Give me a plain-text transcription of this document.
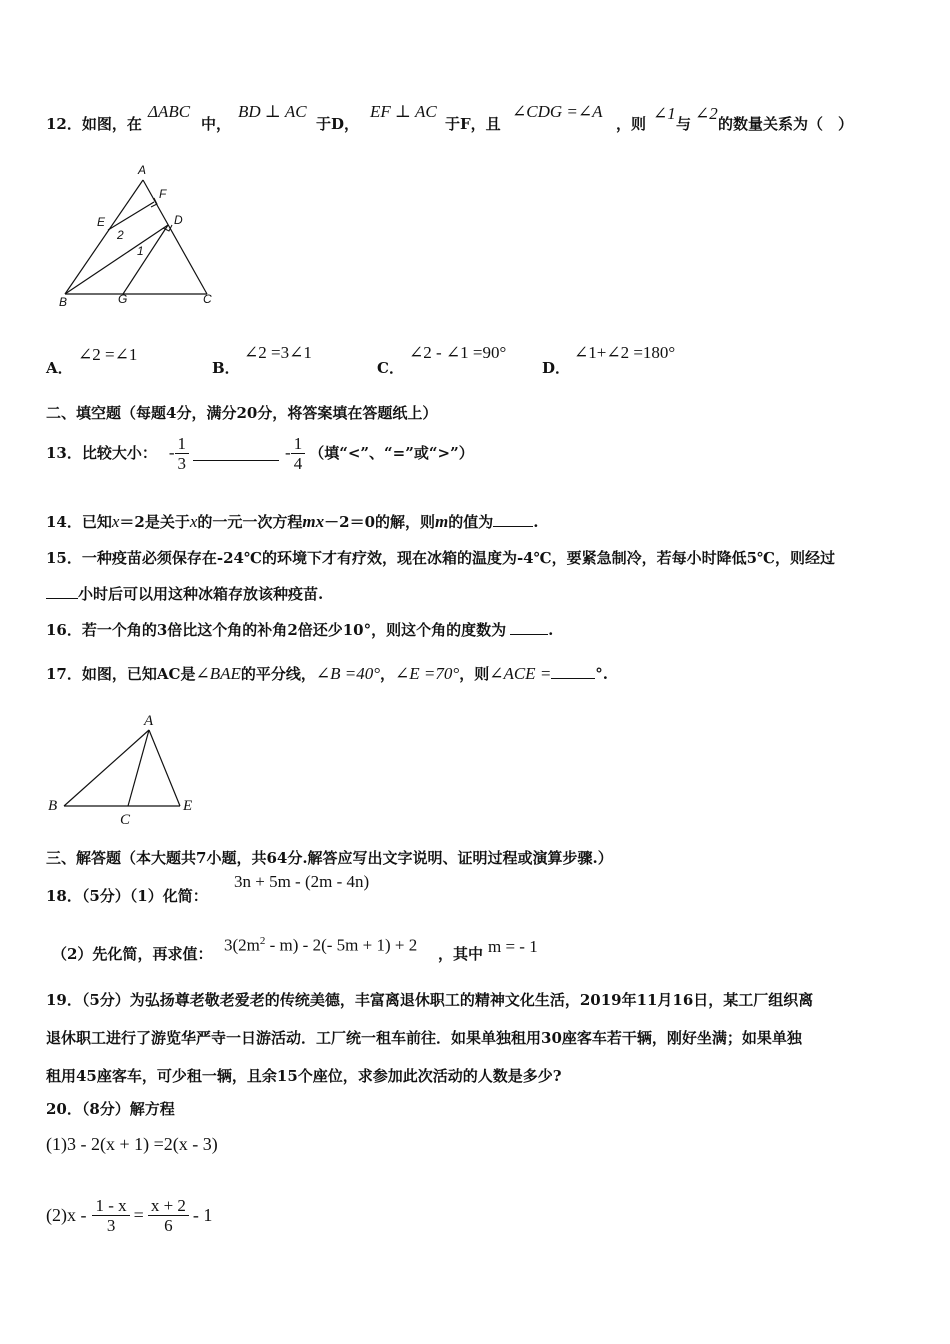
12．如图，在
ΔABC
中，
BD ⊥ AC
于D，
EF ⊥ AC
于F，且
∠CDG =∠A
，则
∠1
与
∠2
的数量关系为（　）
A
F
E	D
2
1
B	G	C
A．
∠2 =∠1
B．
∠2 =3∠1
C．
∠2 - ∠1 =90°
D．
∠1+∠2 =180°
二、填空题（每题4分，满分20分，将答案填在答题纸上）
13．比较大小： - $\frac{1}{3}$	- $\frac{1}{4}$ （填“<”、“=”或“>”）
14．已知x＝2是关于x的一元一次方程mx－2＝0的解，则m的值为	.
15．一种疫苗必须保存在-24℃的环境下才有疗效，现在冰箱的温度为-4℃，要紧急制冷，若每小时降低5℃，则经过
小时后可以用这种冰箱存放该种疫苗.
16．若一个角的3倍比这个角的补角2倍还少10°，则这个角的度数为	.
17．如图，已知AC是∠BAE的平分线，∠B =40°，∠E =70°，则∠ACE =	°.
A
B
C
E
三、解答题（本大题共7小题，共64分.解答应写出文字说明、证明过程或演算步骤.）
18．（5分）（1）化简：
3n + 5m - (2m - 4n)
（2）先化简，再求值： $3(2m^2 - m) - 2(-$ 5m + 1) + 2 ，其中 m = - 1
19．（5分）为弘扬尊老敬老爱老的传统美德，丰富离退休职工的精神文化生活，2019年11月16日，某工厂组织离
退休职工进行了游览华严寺一日游活动．工厂统一租车前往．如果单独租用30座客车若干辆，刚好坐满；如果单独
租用45座客车，可少租一辆，且余15个座位，求参加此次活动的人数是多少?
20．（8分）解方程
(1)3 - 2(x + 1) =2(x - 3)
$(2)x - \frac{1 - x}{3} = \frac{x + 2}{6} - 1$
